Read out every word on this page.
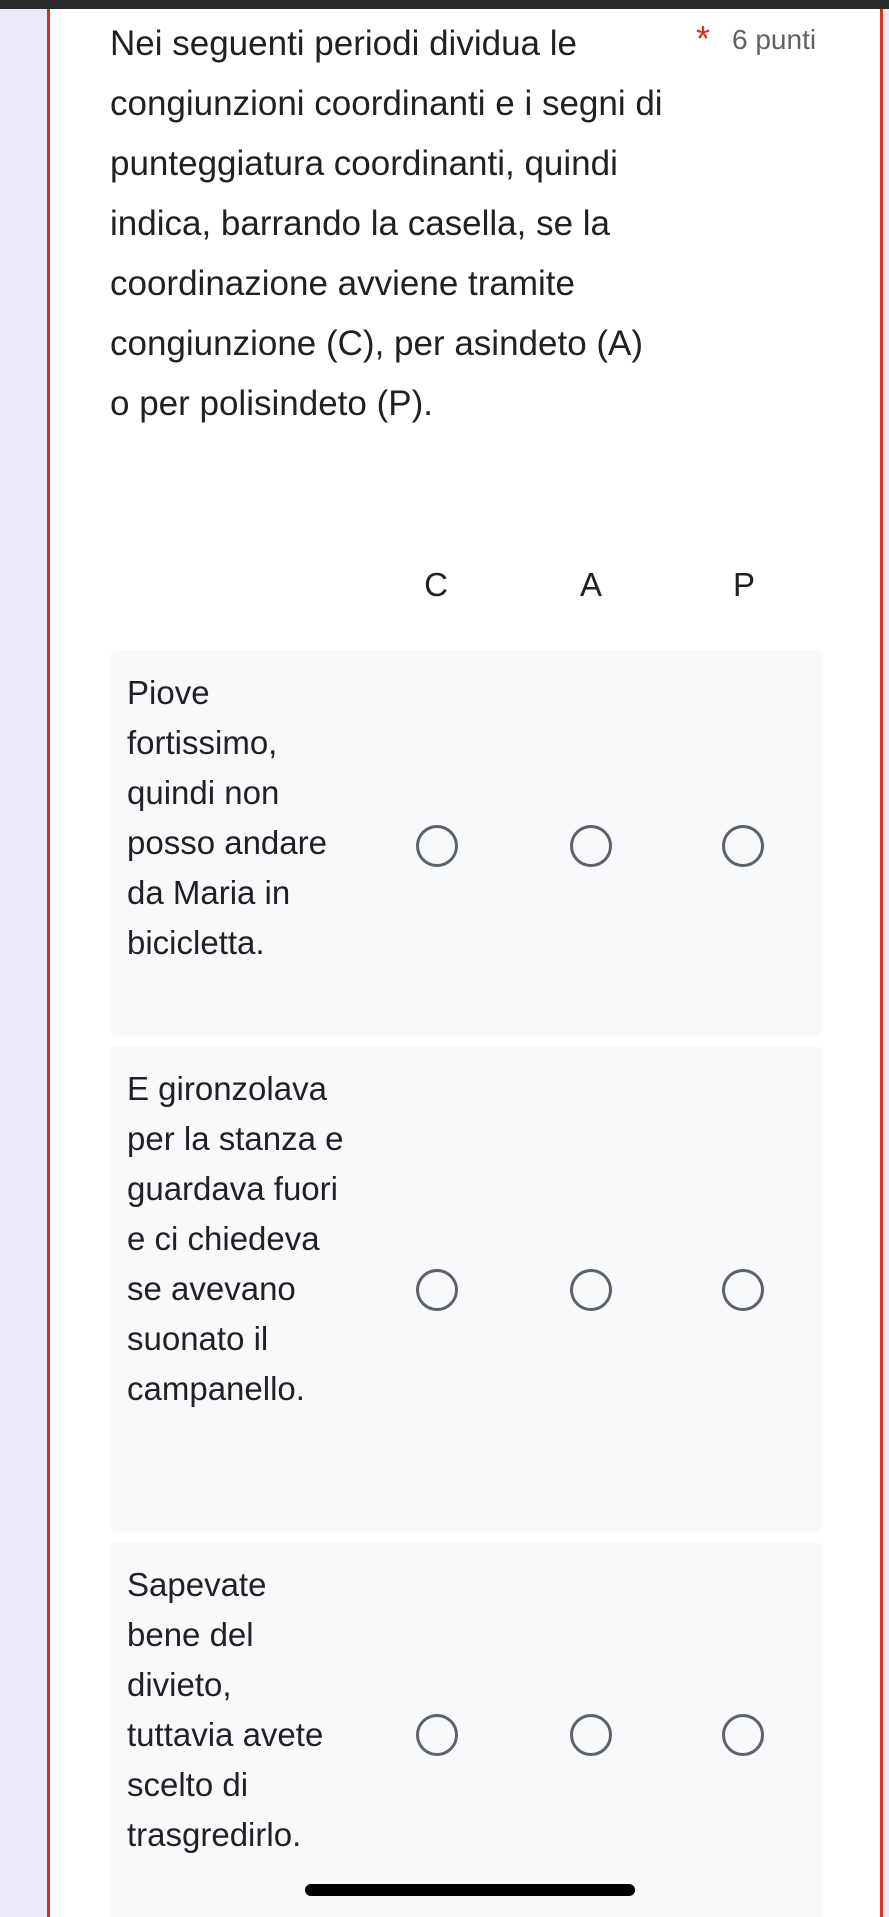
Nei seguenti periodi dividua le congiunzioni coordinanti e i segni di punteggiatura coordinanti, quindi indica, barrando la casella, se la coordinazione avviene tramite congiunzione (C), per asindeto (A) o per polisindeto (P).
* 6 punti
C	A	P
Piove fortissimo, quindi non posso andare da Maria in bicicletta.
E gironzolava per la stanza e guardava fuori e ci chiedeva se avevano suonato il campanello.
Sapevate bene del divieto, tuttavia avete scelto di trasgredirlo.
